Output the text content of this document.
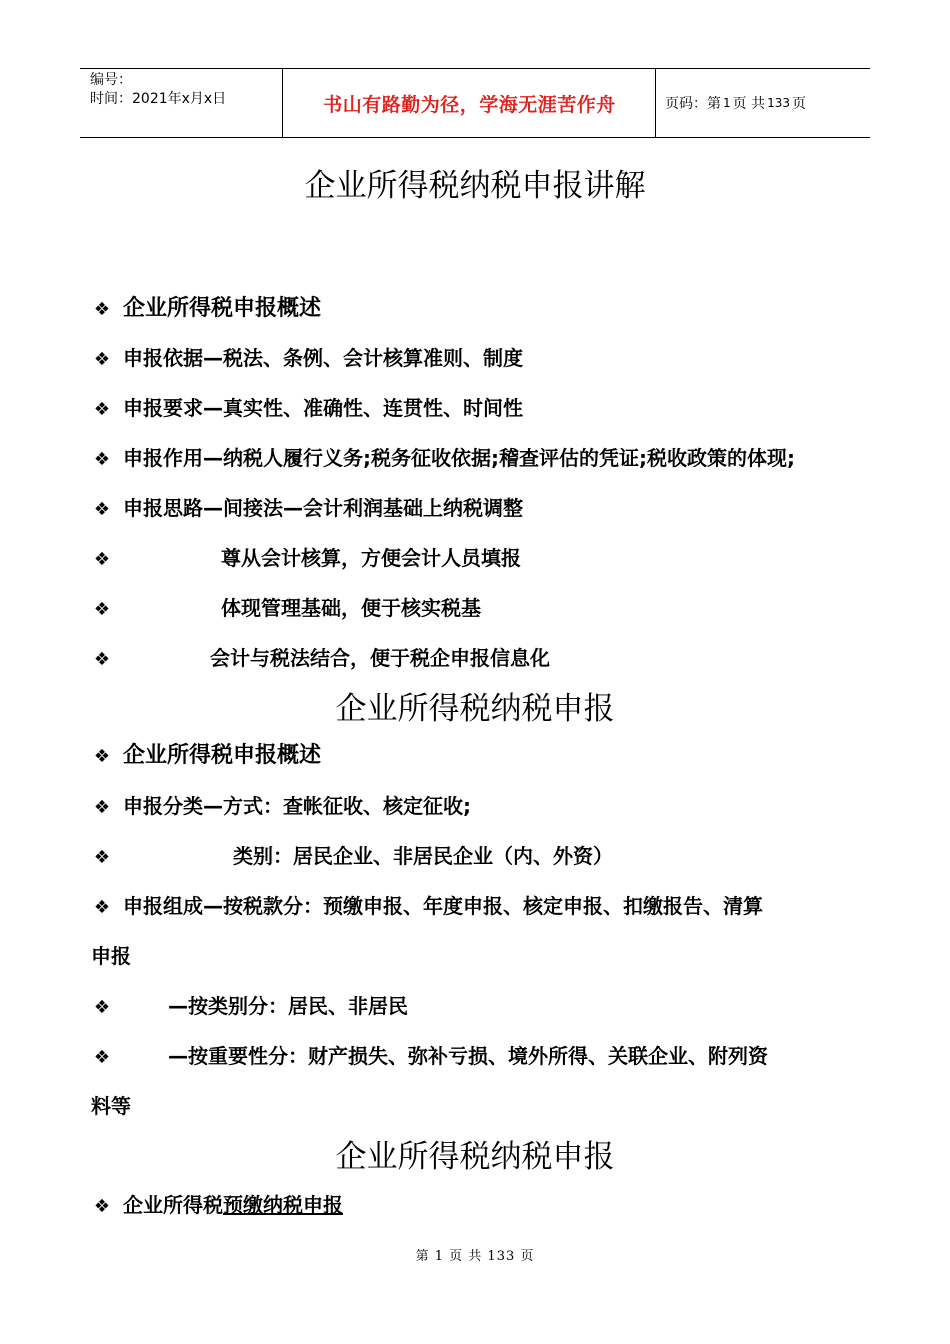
编号：
时间：2021年x月x日	书山有路勤为径，学海无涯苦作舟	页码：第 1 页 共 133 页
企业所得税纳税申报讲解
❖ 企业所得税申报概述
❖ 申报依据—税法、条例、会计核算准则、制度
❖ 申报要求—真实性、准确性、连贯性、时间性
❖ 申报作用—纳税人履行义务;税务征收依据;稽查评估的凭证;税收政策的体现;
❖ 申报思路—间接法—会计利润基础上纳税调整
❖	尊从会计核算，方便会计人员填报
❖	体现管理基础，便于核实税基
❖	会计与税法结合，便于税企申报信息化
企业所得税纳税申报
❖ 企业所得税申报概述
❖ 申报分类—方式：查帐征收、核定征收;
❖	类别：居民企业、非居民企业（内、外资）
❖ 申报组成—按税款分：预缴申报、年度申报、核定申报、扣缴报告、清算
申报
❖	—按类别分：居民、非居民
❖	—按重要性分：财产损失、弥补亏损、境外所得、关联企业、附列资
料等
企业所得税纳税申报
❖ 企业所得税预缴纳税申报
第 1 页 共 133 页
